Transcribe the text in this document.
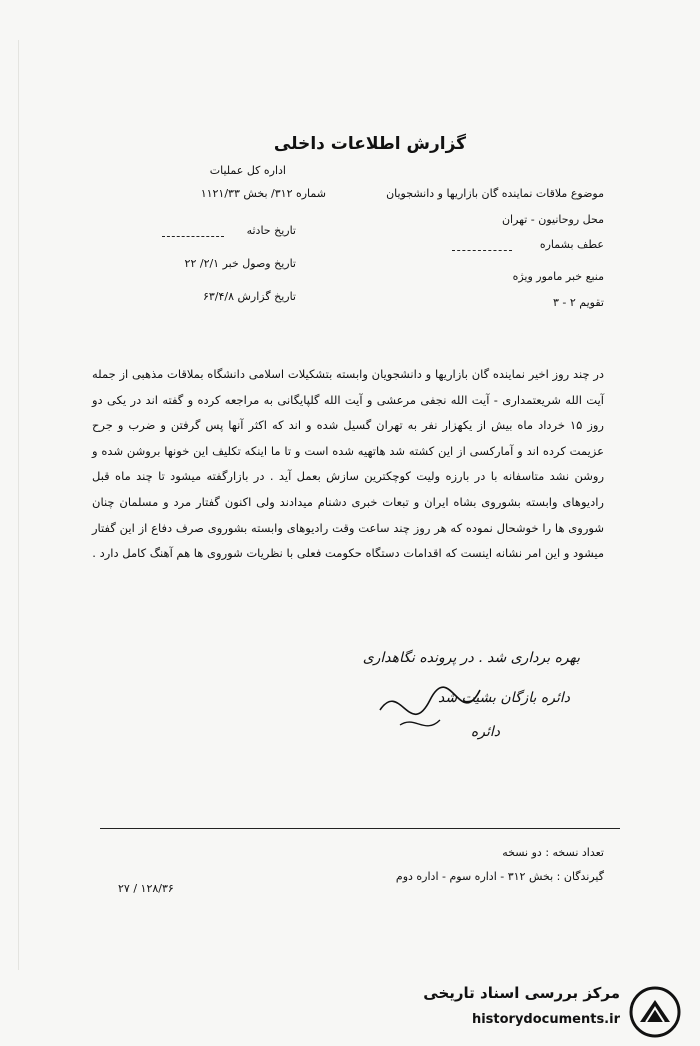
گزارش اطلاعات داخلی
اداره کل عملیات
شماره ۳۱۲/ بخش ۱۱۲۱/۳۳
تاریخ حادثه
تاریخ وصول خبر ۲/۱/ ۲۲
تاریخ گزارش ۶۳/۴/۸
موضوع ملاقات نماینده گان بازاریها و دانشجویان
محل روحانیون - تهران
عطف بشماره
منبع خبر مامور ویژه
تقویم ۲ - ۳

در چند روز اخیر نماینده گان بازاریها و دانشجویان وابسته بتشکیلات اسلامی دانشگاه بملاقات مذهبی از جمله آیت الله شریعتمداری - آیت الله نجفی مرعشی و آیت الله گلپایگانی به مراجعه کرده و گفته اند در یکی دو روز ۱۵ خرداد ماه بیش از یکهزار نفر به تهران گسیل شده و اند که اکثر آنها پس گرفتن و ضرب و جرح عزیمت کرده اند و آمارکسی از این کشته شد هاتهیه شده است و تا ما اینکه تکلیف این خونها بروشن شده و روشن نشد متاسفانه با در بارزه ولیت کوچکترین سازش بعمل آید . در بازارگفته میشود تا چند ماه قبل رادیوهای وابسته بشوروی بشاه ایران و تبعات خبری دشنام میدادند ولی اکنون گفتار مرد و مسلمان چنان شوروی ها را خوشحال نموده که هر روز چند ساعت وقت رادیوهای وابسته بشوروی صرف دفاع از این گفتار میشود و این امر نشانه اینست که اقدامات دستگاه حکومت فعلی با نظریات شوروی ها هم آهنگ کامل دارد .

بهره برداری شد . در پرونده نگاهداری
دائره بازگان بشیت شد
دائره
تعداد نسخه : دو نسخه
گیرندگان : بخش ۳۱۲ - اداره سوم - اداره دوم
۱۲۸/۳۶ / ۲۷
مرکز بررسی اسناد تاریخی
historydocuments.ir
